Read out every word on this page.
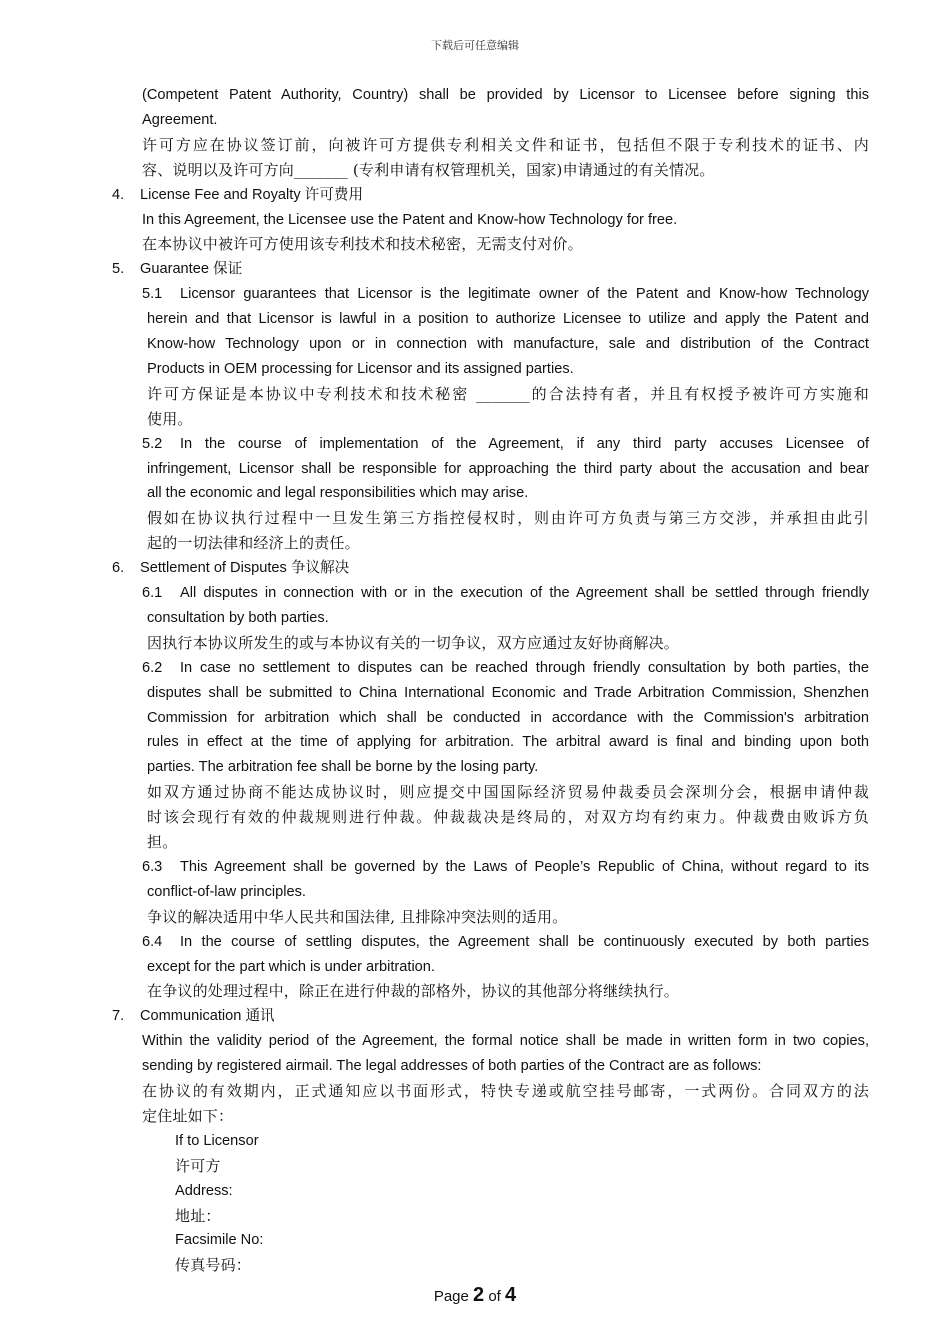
下载后可任意编辑
(Competent Patent Authority, Country) shall be provided by Licensor to Licensee before signing this
Agreement.
许可方应在协议签订前，向被许可方提供专利相关文件和证书，包括但不限于专利技术的证书、内
容、说明以及许可方向_______ (专利申请有权管理机关，国家)申请通过的有关情况。
4. License Fee and Royalty 许可费用
In this Agreement, the Licensee use the Patent and Know-how Technology for free.
在本协议中被许可方使用该专利技术和技术秘密，无需支付对价。
5. Guarantee 保证
5.1 Licensor guarantees that Licensor is the legitimate owner of the Patent and Know-how Technology
herein and that Licensor is lawful in a position to authorize Licensee to utilize and apply the Patent and
Know-how Technology upon or in connection with manufacture, sale and distribution of the Contract
Products in OEM processing for Licensor and its assigned parties.
许可方保证是本协议中专利技术和技术秘密 _______的合法持有者，并且有权授予被许可方实施和
使用。
5.2 In the course of implementation of the Agreement, if any third party accuses Licensee of
infringement, Licensor shall be responsible for approaching the third party about the accusation and bear
all the economic and legal responsibilities which may arise.
假如在协议执行过程中一旦发生第三方指控侵权时，则由许可方负责与第三方交涉，并承担由此引
起的一切法律和经济上的责任。
6. Settlement of Disputes 争议解决
6.1 All disputes in connection with or in the execution of the Agreement shall be settled through friendly
consultation by both parties.
因执行本协议所发生的或与本协议有关的一切争议，双方应通过友好协商解决。
6.2 In case no settlement to disputes can be reached through friendly consultation by both parties, the
disputes shall be submitted to China International Economic and Trade Arbitration Commission, Shenzhen
Commission for arbitration which shall be conducted in accordance with the Commission's arbitration
rules in effect at the time of applying for arbitration. The arbitral award is final and binding upon both
parties. The arbitration fee shall be borne by the losing party.
如双方通过协商不能达成协议时，则应提交中国国际经济贸易仲裁委员会深圳分会，根据申请仲裁
时该会现行有效的仲裁规则进行仲裁。仲裁裁决是终局的，对双方均有约束力。仲裁费由败诉方负
担。
6.3 This Agreement shall be governed by the Laws of People’s Republic of China, without regard to its
conflict-of-law principles.
争议的解决适用中华人民共和国法律, 且排除冲突法则的适用。
6.4 In the course of settling disputes, the Agreement shall be continuously executed by both parties
except for the part which is under arbitration.
在争议的处理过程中，除正在进行仲裁的部格外，协议的其他部分将继续执行。
7. Communication 通讯
Within the validity period of the Agreement, the formal notice shall be made in written form in two copies,
sending by registered airmail. The legal addresses of both parties of the Contract are as follows:
在协议的有效期内，正式通知应以书面形式，特快专递或航空挂号邮寄，一式两份。合同双方的法
定住址如下：
If to Licensor
许可方
Address:
地址：
Facsimile No:
传真号码：
Page 2 of 4
